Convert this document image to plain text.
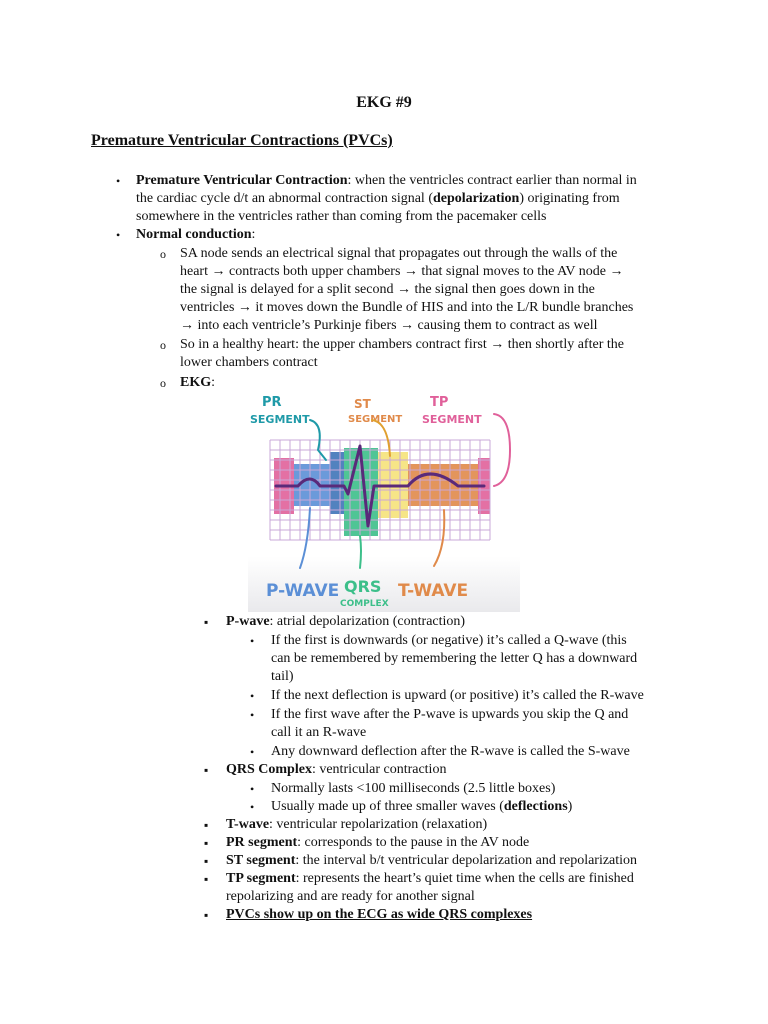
EKG #9
Premature Ventricular Contractions (PVCs)
• Premature Ventricular Contraction: when the ventricles contract earlier than normal in
the cardiac cycle d/t an abnormal contraction signal (depolarization) originating from
somewhere in the ventricles rather than coming from the pacemaker cells
• Normal conduction:
o SA node sends an electrical signal that propagates out through the walls of the
heart → contracts both upper chambers → that signal moves to the AV node →
the signal is delayed for a split second → the signal then goes down in the
ventricles → it moves down the Bundle of HIS and into the L/R bundle branches
→ into each ventricle’s Purkinje fibers → causing them to contract as well
o So in a healthy heart: the upper chambers contract first → then shortly after the
lower chambers contract
o EKG:
PR
SEGMENT
ST
SEGMENT
TP
SEGMENT
P-WAVE QRS
COMPLEX
T-WAVE
▪ P-wave: atrial depolarization (contraction)
• If the first is downwards (or negative) it’s called a Q-wave (this
can be remembered by remembering the letter Q has a downward
tail)
• If the next deflection is upward (or positive) it’s called the R-wave
• If the first wave after the P-wave is upwards you skip the Q and
call it an R-wave
• Any downward deflection after the R-wave is called the S-wave
▪ QRS Complex: ventricular contraction
• Normally lasts <100 milliseconds (2.5 little boxes)
• Usually made up of three smaller waves (deflections)
▪ T-wave: ventricular repolarization (relaxation)
▪ PR segment: corresponds to the pause in the AV node
▪ ST segment: the interval b/t ventricular depolarization and repolarization
▪ TP segment: represents the heart’s quiet time when the cells are finished
repolarizing and are ready for another signal
▪ PVCs show up on the ECG as wide QRS complexes
